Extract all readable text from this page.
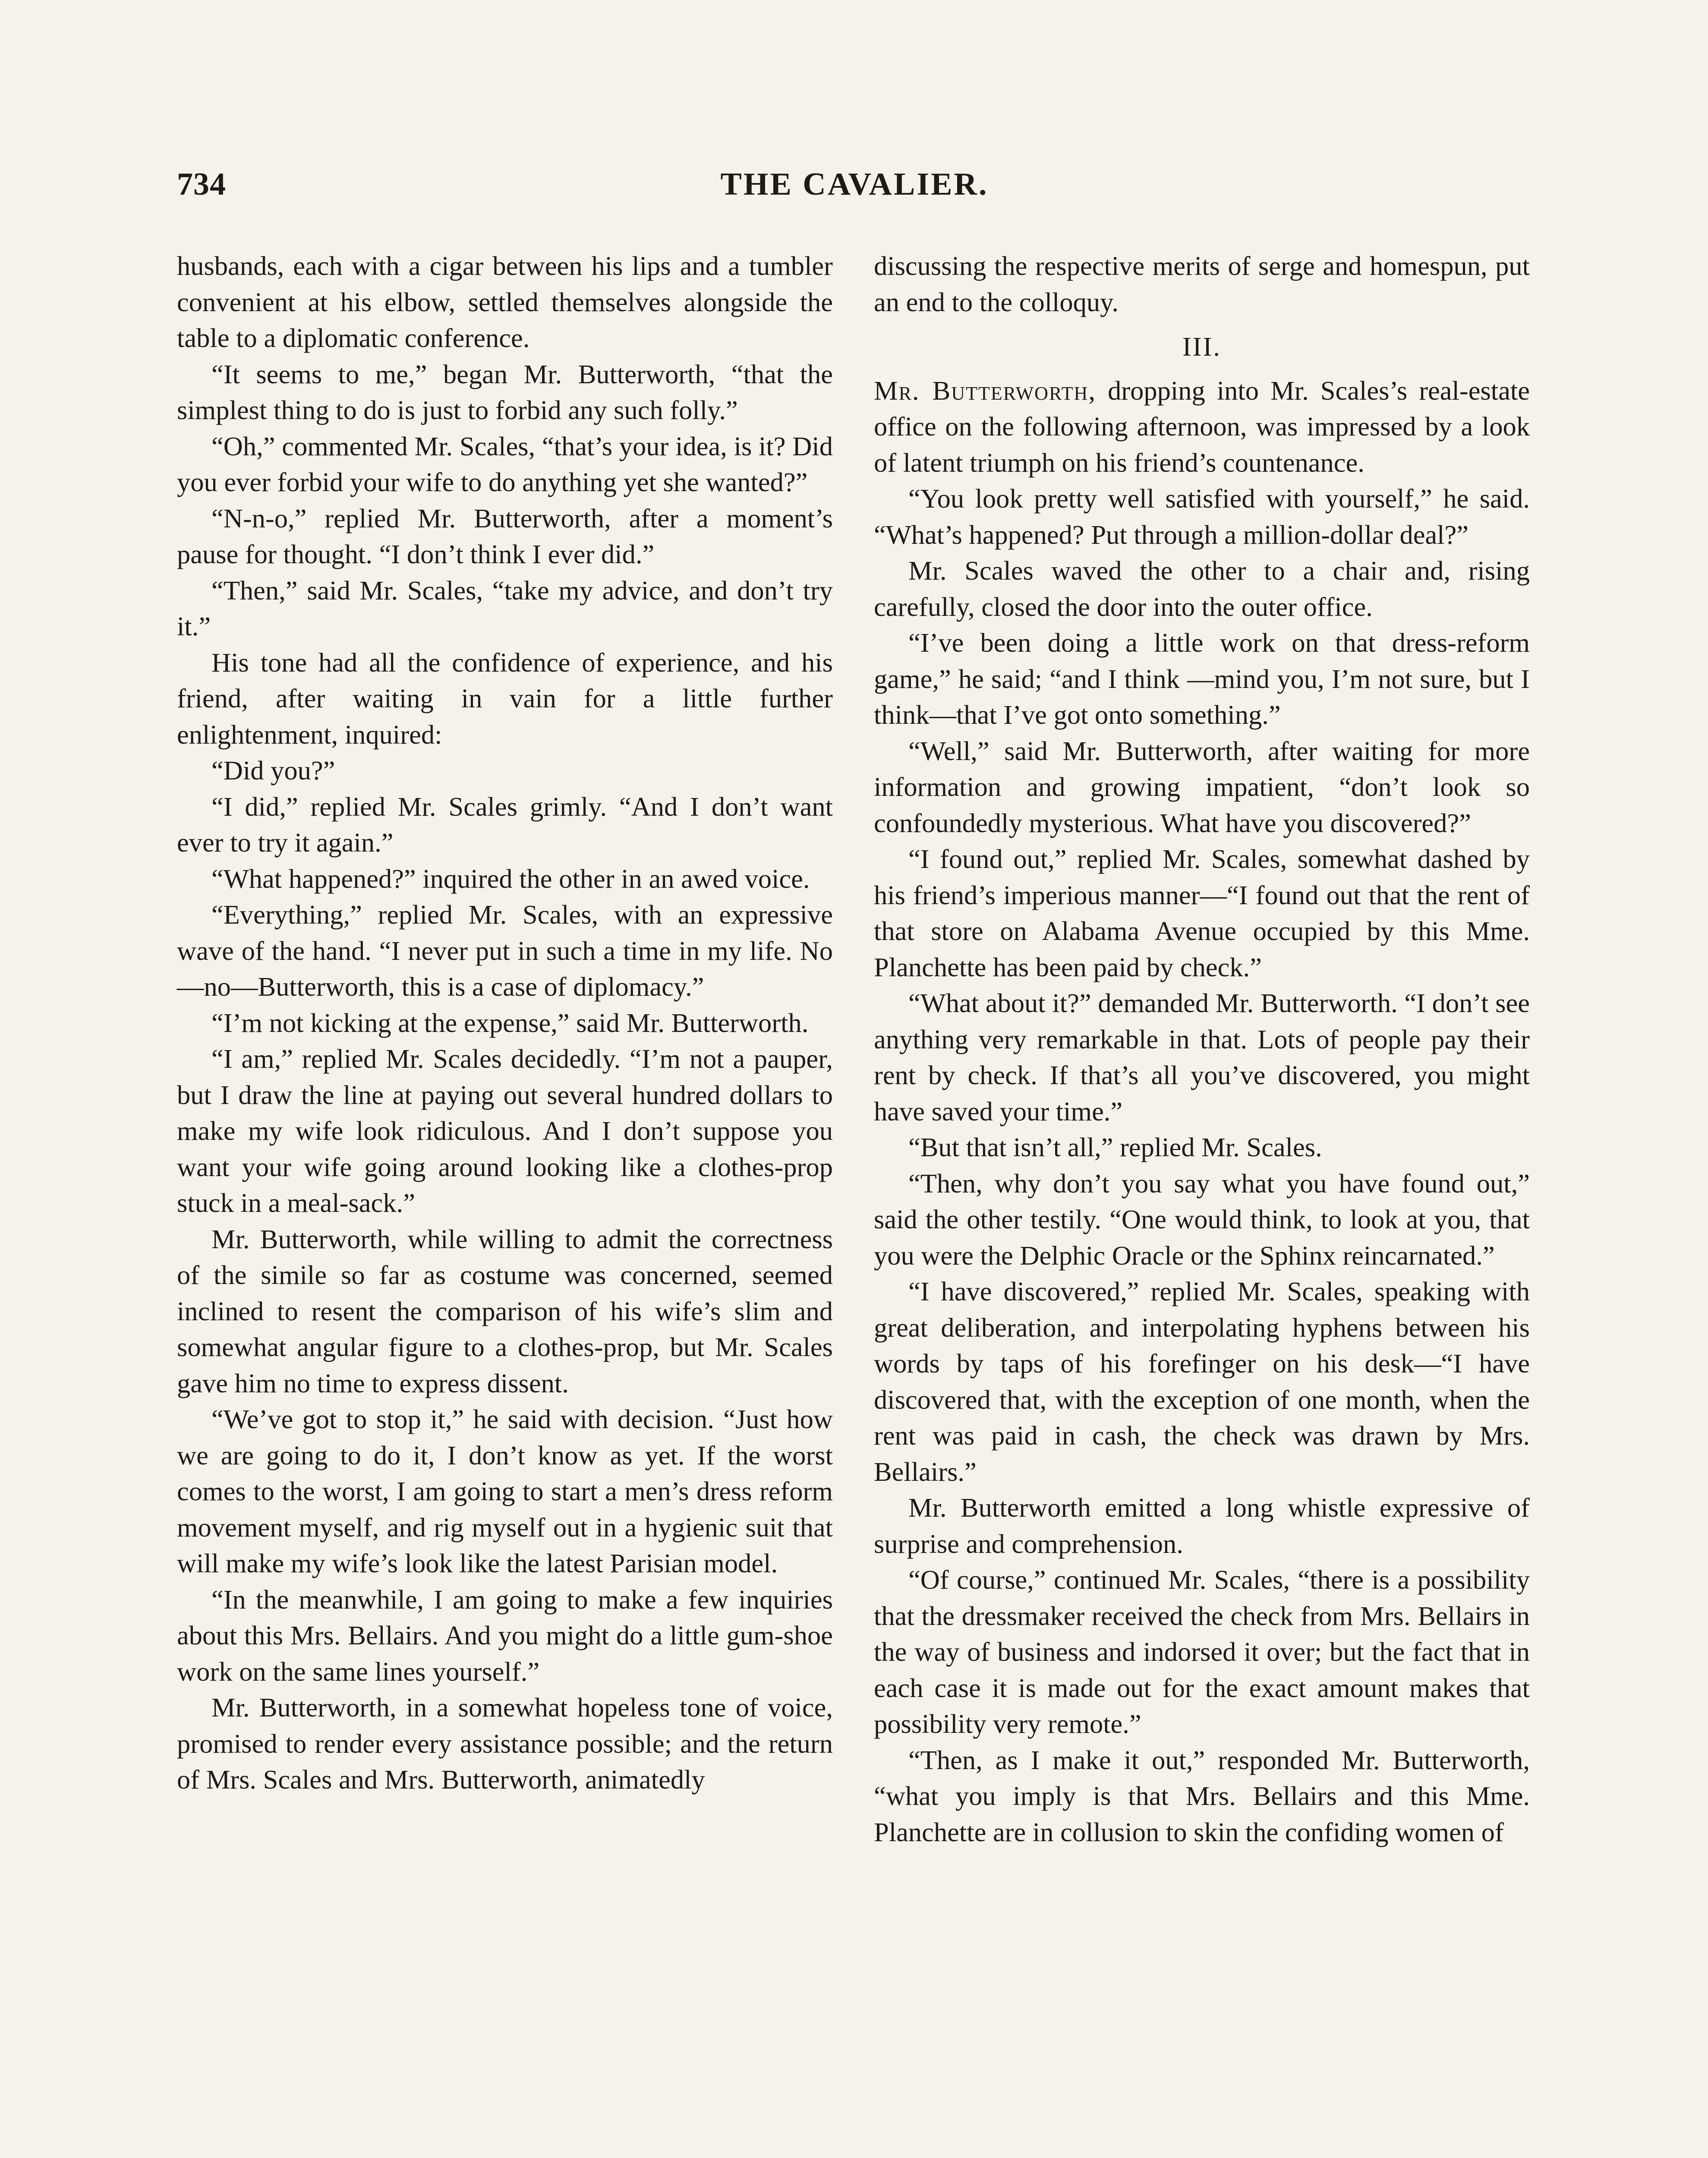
734	THE CAVALIER.

husbands, each with a cigar between his lips and a tumbler convenient at his elbow, settled themselves alongside the table to a diplomatic conference.

“It seems to me,” began Mr. Butterworth, “that the simplest thing to do is just to forbid any such folly.”

“Oh,” commented Mr. Scales, “that’s your idea, is it? Did you ever forbid your wife to do anything yet she wanted?”

“N-n-o,” replied Mr. Butterworth, after a moment’s pause for thought. “I don’t think I ever did.”

“Then,” said Mr. Scales, “take my advice, and don’t try it.”

His tone had all the confidence of experience, and his friend, after waiting in vain for a little further enlightenment, inquired:

“Did you?”

“I did,” replied Mr. Scales grimly. “And I don’t want ever to try it again.”

“What happened?” inquired the other in an awed voice.

“Everything,” replied Mr. Scales, with an expressive wave of the hand. “I never put in such a time in my life. No—no—Butterworth, this is a case of diplomacy.”

“I’m not kicking at the expense,” said Mr. Butterworth.

“I am,” replied Mr. Scales decidedly. “I’m not a pauper, but I draw the line at paying out several hundred dollars to make my wife look ridiculous. And I don’t suppose you want your wife going around looking like a clothes-prop stuck in a meal-sack.”

Mr. Butterworth, while willing to admit the correctness of the simile so far as costume was concerned, seemed inclined to resent the comparison of his wife’s slim and somewhat angular figure to a clothes-prop, but Mr. Scales gave him no time to express dissent.

“We’ve got to stop it,” he said with decision. “Just how we are going to do it, I don’t know as yet. If the worst comes to the worst, I am going to start a men’s dress reform movement myself, and rig myself out in a hygienic suit that will make my wife’s look like the latest Parisian model.

“In the meanwhile, I am going to make a few inquiries about this Mrs. Bellairs. And you might do a little gum-shoe work on the same lines yourself.”

Mr. Butterworth, in a somewhat hopeless tone of voice, promised to render every assistance possible; and the return of Mrs. Scales and Mrs. Butterworth, animatedly

discussing the respective merits of serge and homespun, put an end to the colloquy.

III.

Mr. Butterworth, dropping into Mr. Scales’s real-estate office on the following afternoon, was impressed by a look of latent triumph on his friend’s countenance.

“You look pretty well satisfied with yourself,” he said. “What’s happened? Put through a million-dollar deal?”

Mr. Scales waved the other to a chair and, rising carefully, closed the door into the outer office.

“I’ve been doing a little work on that dress-reform game,” he said; “and I think —mind you, I’m not sure, but I think—that I’ve got onto something.”

“Well,” said Mr. Butterworth, after waiting for more information and growing impatient, “don’t look so confoundedly mysterious. What have you discovered?”

“I found out,” replied Mr. Scales, somewhat dashed by his friend’s imperious manner—“I found out that the rent of that store on Alabama Avenue occupied by this Mme. Planchette has been paid by check.”

“What about it?” demanded Mr. Butterworth. “I don’t see anything very remarkable in that. Lots of people pay their rent by check. If that’s all you’ve discovered, you might have saved your time.”

“But that isn’t all,” replied Mr. Scales.

“Then, why don’t you say what you have found out,” said the other testily. “One would think, to look at you, that you were the Delphic Oracle or the Sphinx reincarnated.”

“I have discovered,” replied Mr. Scales, speaking with great deliberation, and interpolating hyphens between his words by taps of his forefinger on his desk—“I have discovered that, with the exception of one month, when the rent was paid in cash, the check was drawn by Mrs. Bellairs.”

Mr. Butterworth emitted a long whistle expressive of surprise and comprehension.

“Of course,” continued Mr. Scales, “there is a possibility that the dressmaker received the check from Mrs. Bellairs in the way of business and indorsed it over; but the fact that in each case it is made out for the exact amount makes that possibility very remote.”

“Then, as I make it out,” responded Mr. Butterworth, “what you imply is that Mrs. Bellairs and this Mme. Planchette are in collusion to skin the confiding women of
